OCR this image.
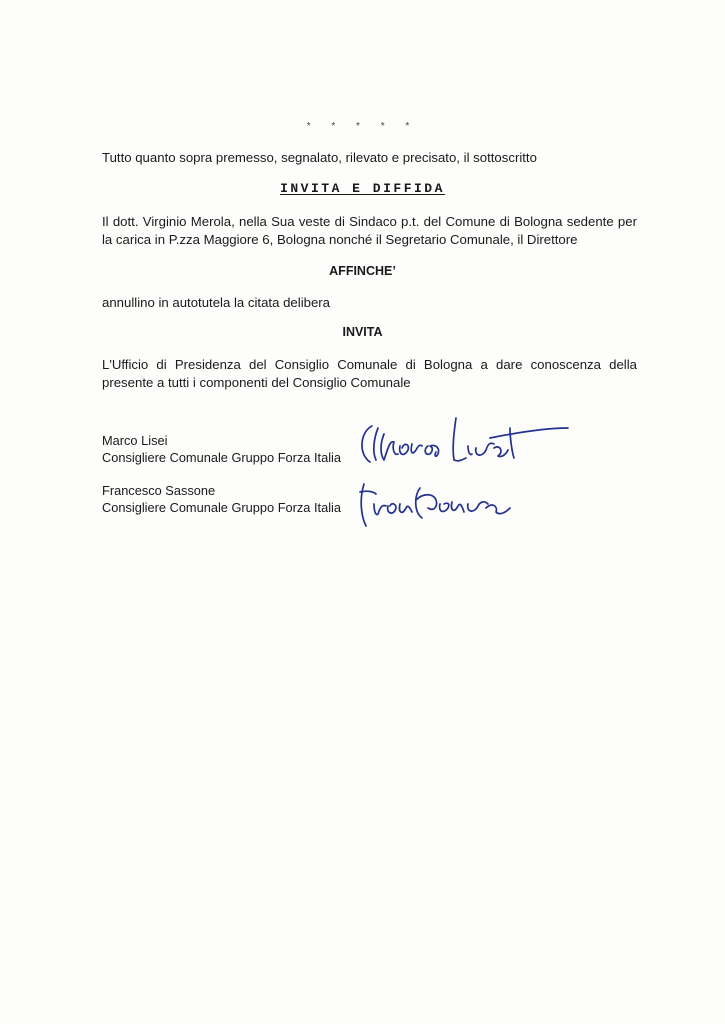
* * * * *
Tutto quanto sopra premesso, segnalato, rilevato e precisato, il sottoscritto
INVITA E DIFFIDA
Il dott. Virginio Merola, nella Sua veste di Sindaco p.t. del Comune di Bologna sedente per la carica in P.zza Maggiore 6, Bologna nonché il Segretario Comunale, il Direttore
AFFINCHE’
annullino in autotutela la citata delibera
INVITA
L'Ufficio di Presidenza del Consiglio Comunale di Bologna a dare conoscenza della presente a tutti i componenti del Consiglio Comunale
Marco Lisei
Consigliere Comunale Gruppo Forza Italia
Francesco Sassone
Consigliere Comunale Gruppo Forza Italia
